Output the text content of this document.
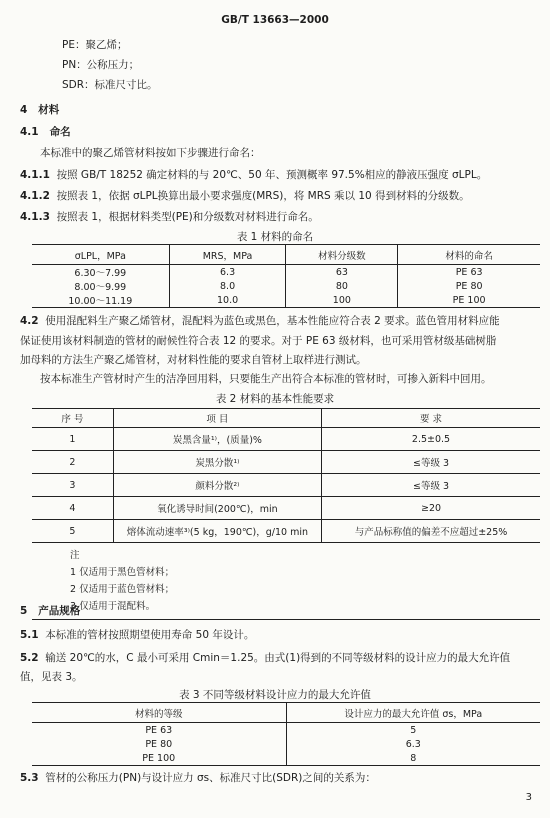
GB/T 13663—2000
PE：聚乙烯；
PN：公称压力；
SDR：标准尺寸比。
4 材料
4.1 命名
本标准中的聚乙烯管材料按如下步骤进行命名：
4.1.1 按照 GB/T 18252 确定材料的与 20℃、50 年、预测概率 97.5%相应的静液压强度 σLPL。
4.1.2 按照表 1，依据 σLPL换算出最小要求强度(MRS)，将 MRS 乘以 10 得到材料的分级数。
4.1.3 按照表 1，根据材料类型(PE)和分级数对材料进行命名。
表 1 材料的命名
σLPL，MPa	MRS，MPa	材料分级数	材料的命名
6.30～7.99	6.3	63	PE 63
8.00～9.99	8.0	80	PE 80
10.00～11.19	10.0	100	PE 100
4.2 使用混配料生产聚乙烯管材，混配料为蓝色或黑色，基本性能应符合表 2 要求。蓝色管用材料应能
保证使用该材料制造的管材的耐候性符合表 12 的要求。对于 PE 63 级材料，也可采用管材级基础树脂
加母料的方法生产聚乙烯管材，对材料性能的要求自管材上取样进行测试。
按本标准生产管材时产生的洁净回用料，只要能生产出符合本标准的管材时，可掺入新料中回用。
表 2 材料的基本性能要求
序 号	项 目	要 求
1	炭黑含量¹⁾，(质量)%	2.5±0.5
2	炭黑分散¹⁾	≤等级 3
3	颜料分散²⁾	≤等级 3
4	氧化诱导时间(200℃)，min	≥20
5	熔体流动速率³⁾(5 kg，190℃)，g/10 min	与产品标称值的偏差不应超过±25%

注
1 仅适用于黑色管材料；
2 仅适用于蓝色管材料；
3 仅适用于混配料。		
5 产品规格
5.1 本标准的管材按照期望使用寿命 50 年设计。
5.2 输送 20℃的水，C 最小可采用 Cmin＝1.25。由式(1)得到的不同等级材料的设计应力的最大允许值
值，见表 3。
表 3 不同等级材料设计应力的最大允许值
材料的等级	设计应力的最大允许值 σs，MPa
PE 63	5
PE 80	6.3
PE 100	8
5.3 管材的公称压力(PN)与设计应力 σs、标准尺寸比(SDR)之间的关系为：
3
